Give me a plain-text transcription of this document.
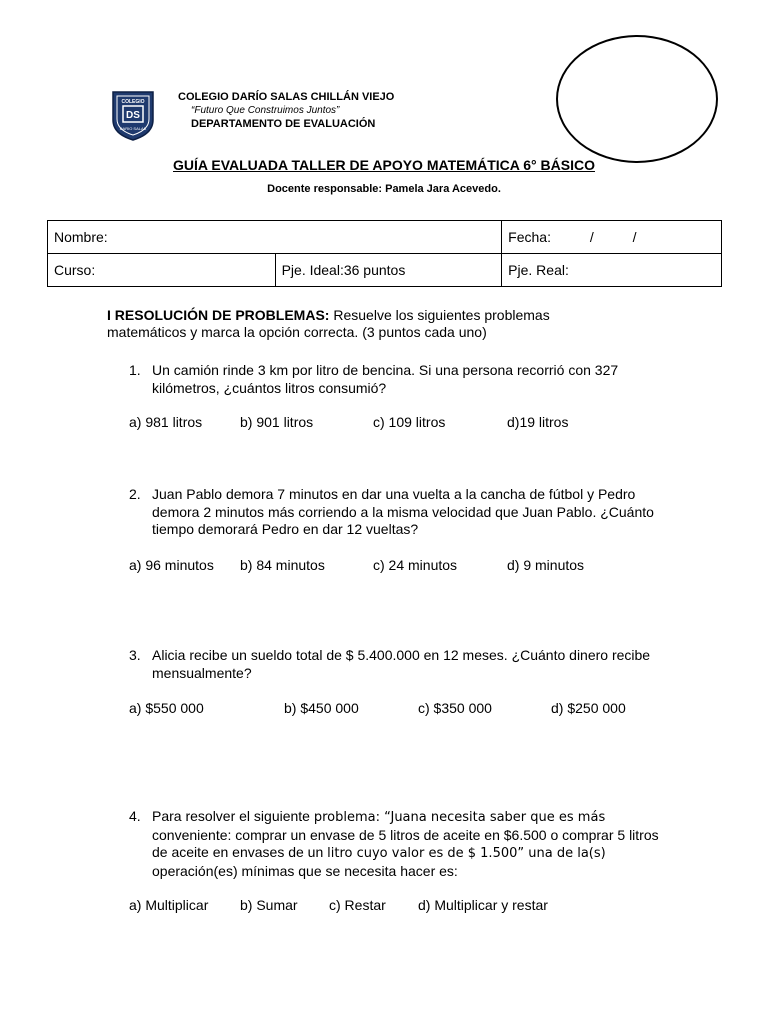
COLEGIO
DS
DARIO SALAS
COLEGIO DARÍO SALAS CHILLÁN VIEJO
“Futuro Que Construimos Juntos”
DEPARTAMENTO DE EVALUACIÓN
GUÍA EVALUADA TALLER DE APOYO MATEMÁTICA 6° BÁSICO
Docente responsable: Pamela Jara Acevedo.
Nombre:		Fecha:          /          /
Curso:	Pje. Ideal:36 puntos	Pje. Real:
I RESOLUCIÓN DE PROBLEMAS: Resuelve los siguientes problemas matemáticos y marca la opción correcta. (3 puntos cada uno)
1. Un camión rinde 3 km por litro de bencina. Si una persona recorrió con 327 kilómetros, ¿cuántos litros consumió?
a) 981 litros	b) 901 litros	c) 109 litros	d)19 litros
2. Juan Pablo demora 7 minutos en dar una vuelta a la cancha de fútbol y Pedro demora 2 minutos más corriendo a la misma velocidad que Juan Pablo. ¿Cuánto tiempo demorará Pedro en dar 12 vueltas?
a) 96 minutos b) 84 minutos	c) 24 minutos	d) 9 minutos
3. Alicia recibe un sueldo total de $ 5.400.000 en 12 meses. ¿Cuánto dinero recibe mensualmente?
a) $550 000	b) $450 000	c) $350 000	d) $250 000
4. Para resolver el siguiente problema: “Juana necesita saber que es más conveniente: comprar un envase de 5 litros de aceite en $6.500 o comprar 5 litros de aceite en envases de un litro cuyo valor es de $ 1.500” una de la(s) operación(es) mínimas que se necesita hacer es:
a) Multiplicar b) Sumar c) Restar d) Multiplicar y restar
